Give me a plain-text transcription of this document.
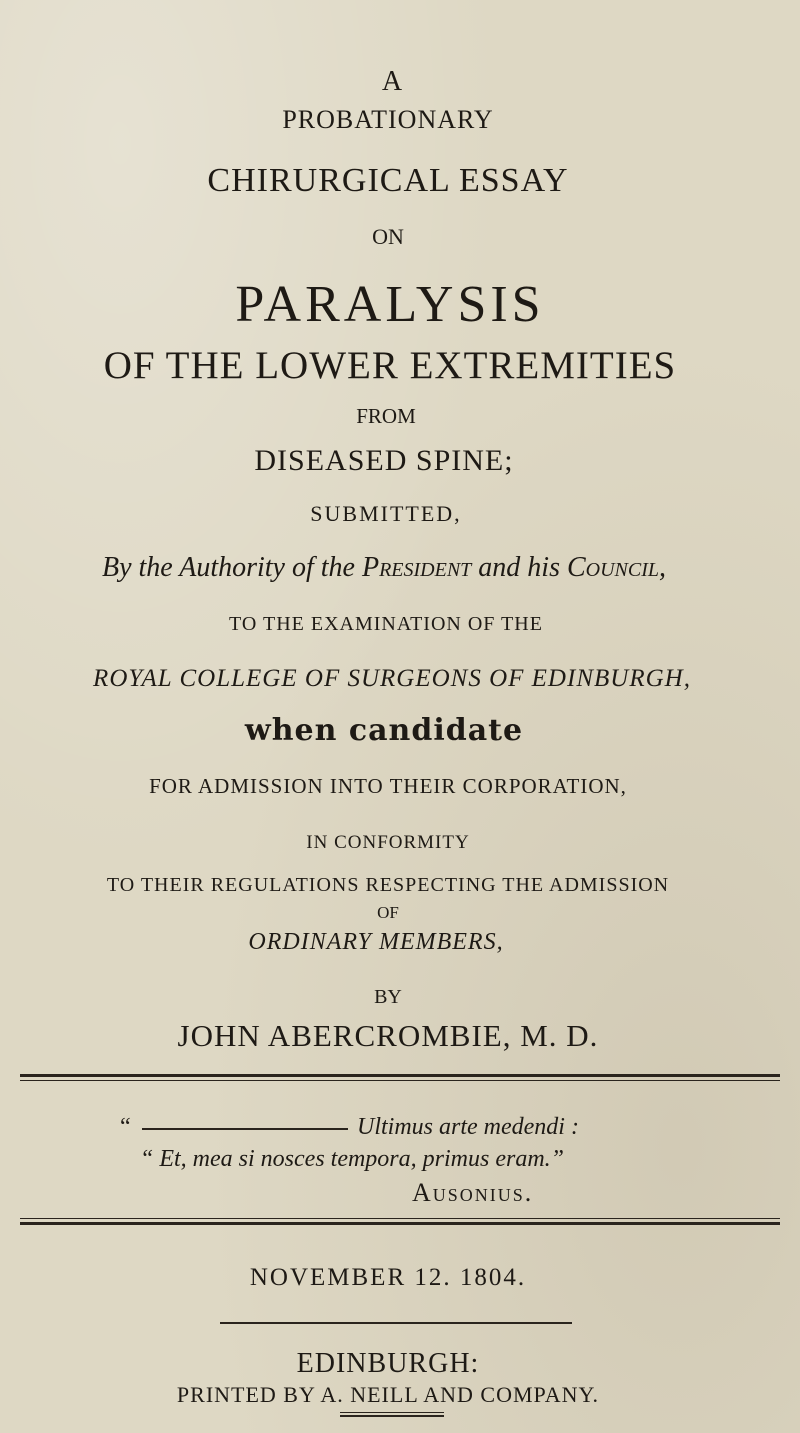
A
PROBATIONARY
CHIRURGICAL ESSAY
ON
PARALYSIS
OF THE LOWER EXTREMITIES
FROM
DISEASED SPINE;
SUBMITTED,
By the Authority of the President and his Council,
TO THE EXAMINATION OF THE
ROYAL COLLEGE OF SURGEONS OF EDINBURGH,
when candidate
FOR ADMISSION INTO THEIR CORPORATION,
IN CONFORMITY
TO THEIR REGULATIONS RESPECTING THE ADMISSION
OF
ORDINARY MEMBERS,
BY
JOHN ABERCROMBIE, M. D.
“	Ultimus arte medendi :
“ Et, mea si nosces tempora, primus eram.”
Ausonius.
NOVEMBER 12. 1804.
EDINBURGH:
PRINTED BY A. NEILL AND COMPANY.
